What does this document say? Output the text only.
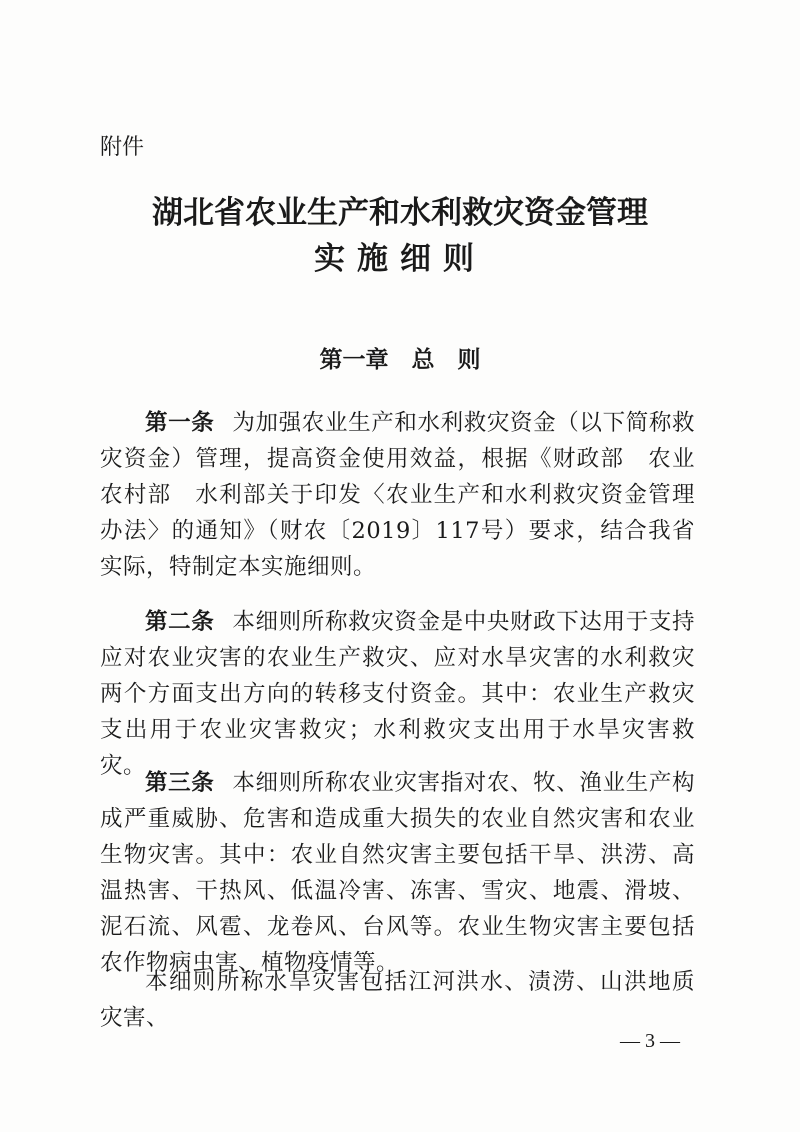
附件
湖北省农业生产和水利救灾资金管理
实施细则
第一章　总　则

第一条 为加强农业生产和水利救灾资金（以下简称救灾资金）管理，提高资金使用效益，根据《财政部　农业农村部　水利部关于印发〈农业生产和水利救灾资金管理办法〉的通知》（财农〔2019〕117号）要求，结合我省实际，特制定本实施细则。

第二条 本细则所称救灾资金是中央财政下达用于支持应对农业灾害的农业生产救灾、应对水旱灾害的水利救灾两个方面支出方向的转移支付资金。其中：农业生产救灾支出用于农业灾害救灾；水利救灾支出用于水旱灾害救灾。

第三条 本细则所称农业灾害指对农、牧、渔业生产构成严重威胁、危害和造成重大损失的农业自然灾害和农业生物灾害。其中：农业自然灾害主要包括干旱、洪涝、高温热害、干热风、低温冷害、冻害、雪灾、地震、滑坡、泥石流、风雹、龙卷风、台风等。农业生物灾害主要包括农作物病虫害、植物疫情等。

本细则所称水旱灾害包括江河洪水、渍涝、山洪地质灾害、

— 3 —
